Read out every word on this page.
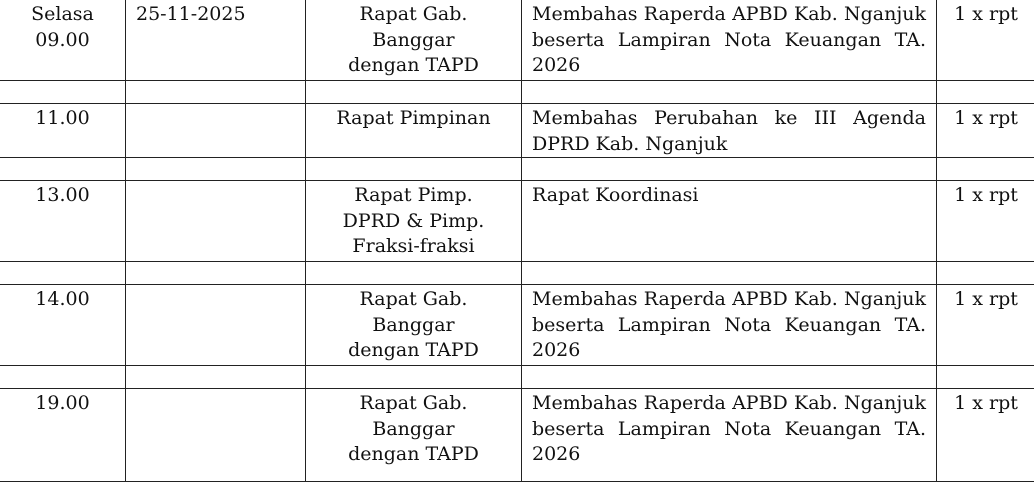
Selasa
09.00	25-11-2025	Rapat Gab.
Banggar
dengan TAPD	Membahas Raperda APBD Kab. Nganjuk beserta Lampiran Nota Keuangan TA. 2026	1 x rpt

11.00		Rapat Pimpinan	Membahas Perubahan ke III Agenda DPRD Kab. Nganjuk	1 x rpt

13.00		Rapat Pimp.
DPRD & Pimp.
Fraksi-fraksi	Rapat Koordinasi	1 x rpt

14.00		Rapat Gab.
Banggar
dengan TAPD	Membahas Raperda APBD Kab. Nganjuk beserta Lampiran Nota Keuangan TA. 2026	1 x rpt

19.00		Rapat Gab.
Banggar
dengan TAPD	Membahas Raperda APBD Kab. Nganjuk beserta Lampiran Nota Keuangan TA. 2026	1 x rpt
